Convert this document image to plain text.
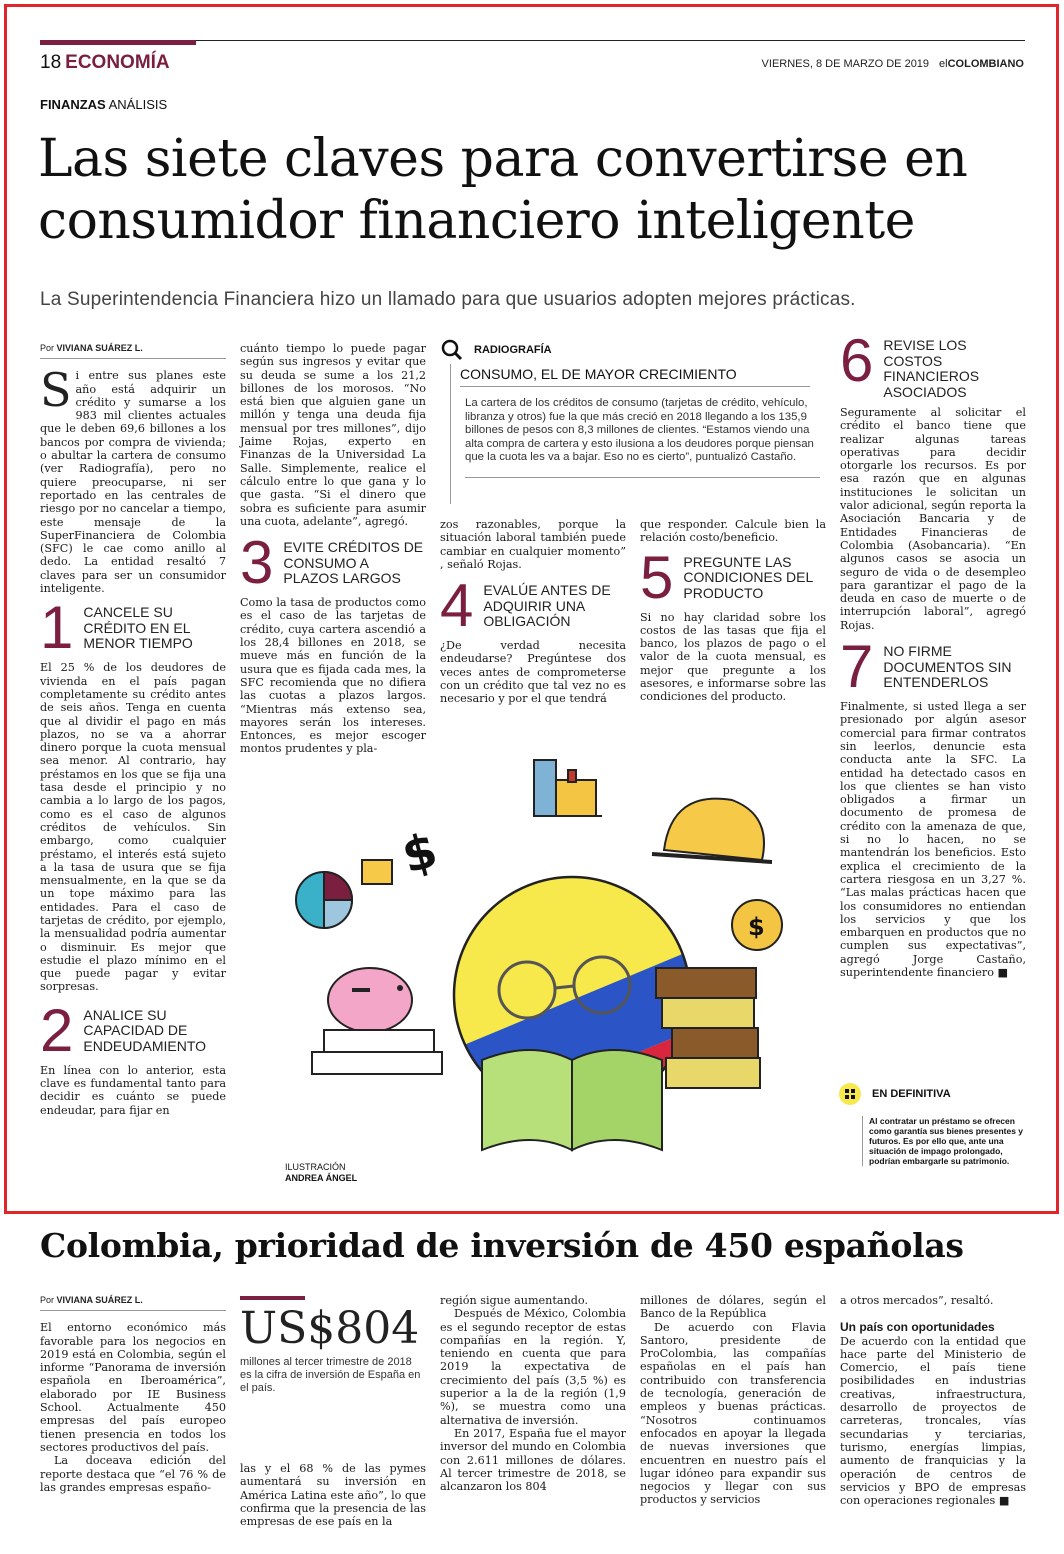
18 ECONOMÍA	VIERNES, 8 DE MARZO DE 2019 elCOLOMBIANO
FINANZAS ANÁLISIS
Las siete claves para convertirse en
consumidor financiero inteligente
La Superintendencia Financiera hizo un llamado para que usuarios adopten mejores prácticas.
Por VIVIANA SUÁREZ L.

Si entre sus planes este año está adquirir un crédito y sumarse a los 983 mil clientes actuales que le deben 69,6 billones a los bancos por compra de vivienda; o abultar la cartera de consumo (ver Radiografía), pero no quiere preocuparse, ni ser reportado en las centrales de riesgo por no cancelar a tiempo, este mensaje de la SuperFinanciera de Colombia (SFC) le cae como anillo al dedo. La entidad resaltó 7 claves para ser un consumidor inteligente.

1 CANCELE SU CRÉDITO EN EL MENOR TIEMPO

El 25 % de los deudores de vivienda en el país pagan completamente su crédito antes de seis años. Tenga en cuenta que al dividir el pago en más plazos, no se va a ahorrar dinero porque la cuota mensual sea menor. Al contrario, hay préstamos en los que se fija una tasa desde el principio y no cambia a lo largo de los pagos, como es el caso de algunos créditos de vehículos. Sin embargo, como cualquier préstamo, el interés está sujeto a la tasa de usura que se fija mensualmente, en la que se da un tope máximo para las entidades. Para el caso de tarjetas de crédito, por ejemplo, la mensualidad podría aumentar o disminuir. Es mejor que estudie el plazo mínimo en el que puede pagar y evitar sorpresas.

2 ANALICE SU CAPACIDAD DE ENDEUDAMIENTO

En línea con lo anterior, esta clave es fundamental tanto para decidir es cuánto se puede endeudar, para fijar en

cuánto tiempo lo puede pagar según sus ingresos y evitar que su deuda se sume a los 21,2 billones de los morosos. “No está bien que alguien gane un millón y tenga una deuda fija mensual por tres millones”, dijo Jaime Rojas, experto en Finanzas de la Universidad La Salle. Simplemente, realice el cálculo entre lo que gana y lo que gasta. “Si el dinero que sobra es suficiente para asumir una cuota, adelante”, agregó.

3 EVITE CRÉDITOS DE CONSUMO A PLAZOS LARGOS

Como la tasa de productos como es el caso de las tarjetas de crédito, cuya cartera ascendió a los 28,4 billones en 2018, se mueve más en función de la usura que es fijada cada mes, la SFC recomienda que no difiera las cuotas a plazos largos. “Mientras más extenso sea, mayores serán los intereses. Entonces, es mejor escoger montos prudentes y pla-

RADIOGRAFÍA
CONSUMO, EL DE MAYOR CRECIMIENTO
La cartera de los créditos de consumo (tarjetas de crédito, vehículo, libranza y otros) fue la que más creció en 2018 llegando a los 135,9 billones de pesos con 8,3 millones de clientes. “Estamos viendo una alta compra de cartera y esto ilusiona a los deudores porque piensan que la cuota les va a bajar. Eso no es cierto”, puntualizó Castaño.

zos razonables, porque la situación laboral también puede cambiar en cualquier momento” , señaló Rojas.

4 EVALÚE ANTES DE ADQUIRIR UNA OBLIGACIÓN

¿De verdad necesita endeudarse? Pregúntese dos veces antes de comprometerse con un crédito que tal vez no es necesario y por el que tendrá

que responder. Calcule bien la relación costo/beneficio.

5 PREGUNTE LAS CONDICIONES DEL PRODUCTO

Si no hay claridad sobre los costos de las tasas que fija el banco, los plazos de pago o el valor de la cuota mensual, es mejor que pregunte a los asesores, e informarse sobre las condiciones del producto.

6 REVISE LOS COSTOS FINANCIEROS ASOCIADOS

Seguramente al solicitar el crédito el banco tiene que realizar algunas tareas operativas para decidir otorgarle los recursos. Es por esa razón que en algunas instituciones le solicitan un valor adicional, según reporta la Asociación Bancaria y de Entidades Financieras de Colombia (Asobancaria). “En algunos casos se asocia un seguro de vida o de desempleo para garantizar el pago de la deuda en caso de muerte o de interrupción laboral”, agregó Rojas.

7 NO FIRME DOCUMENTOS SIN ENTENDERLOS

Finalmente, si usted llega a ser presionado por algún asesor comercial para firmar contratos sin leerlos, denuncie esta conducta ante la SFC. La entidad ha detectado casos en los que clientes se han visto obligados a firmar un documento de promesa de crédito con la amenaza de que, si no lo hacen, no se mantendrán los beneficios. Esto explica el crecimiento de la cartera riesgosa en un 3,27 %. “Las malas prácticas hacen que los consumidores no entiendan los servicios y que los embarquen en productos que no cumplen sus expectativas”, agregó Jorge Castaño, superintendente financiero ■

$
$
ILUSTRACIÓN
ANDREA ÁNGEL
EN DEFINITIVA
Al contratar un préstamo se ofrecen como garantía sus bienes presentes y futuros. Es por ello que, ante una situación de impago prolongado, podrían embargarle su patrimonio.
Colombia, prioridad de inversión de 450 españolas
Por VIVIANA SUÁREZ L.

El entorno económico más favorable para los negocios en 2019 está en Colombia, según el informe “Panorama de inversión española en Iberoamérica”, elaborado por IE Business School. Actualmente 450 empresas del país europeo tienen presencia en todos los sectores productivos del país.

La doceava edición del reporte destaca que “el 76 % de las grandes empresas españo-

US$804
millones al tercer trimestre de 2018 es la cifra de inversión de España en el país.

las y el 68 % de las pymes aumentará su inversión en América Latina este año”, lo que confirma que la presencia de las empresas de ese país en la

región sigue aumentando.

Después de México, Colombia es el segundo receptor de estas compañías en la región. Y, teniendo en cuenta que para 2019 la expectativa de crecimiento del país (3,5 %) es superior a la de la región (1,9 %), se muestra como una alternativa de inversión.

En 2017, España fue el mayor inversor del mundo en Colombia con 2.611 millones de dólares. Al tercer trimestre de 2018, se alcanzaron los 804

millones de dólares, según el Banco de la República

De acuerdo con Flavia Santoro, presidente de ProColombia, las compañías españolas en el país han contribuido con transferencia de tecnología, generación de empleos y buenas prácticas. “Nosotros continuamos enfocados en apoyar la llegada de nuevas inversiones que encuentren en nuestro país el lugar idóneo para expandir sus negocios y llegar con sus productos y servicios

a otros mercados”, resaltó.

Un país con oportunidades

De acuerdo con la entidad que hace parte del Ministerio de Comercio, el país tiene posibilidades en industrias creativas, infraestructura, desarrollo de proyectos de carreteras, troncales, vías secundarias y terciarias, turismo, energías limpias, aumento de franquicias y la operación de centros de servicios y BPO de empresas con operaciones regionales ■
